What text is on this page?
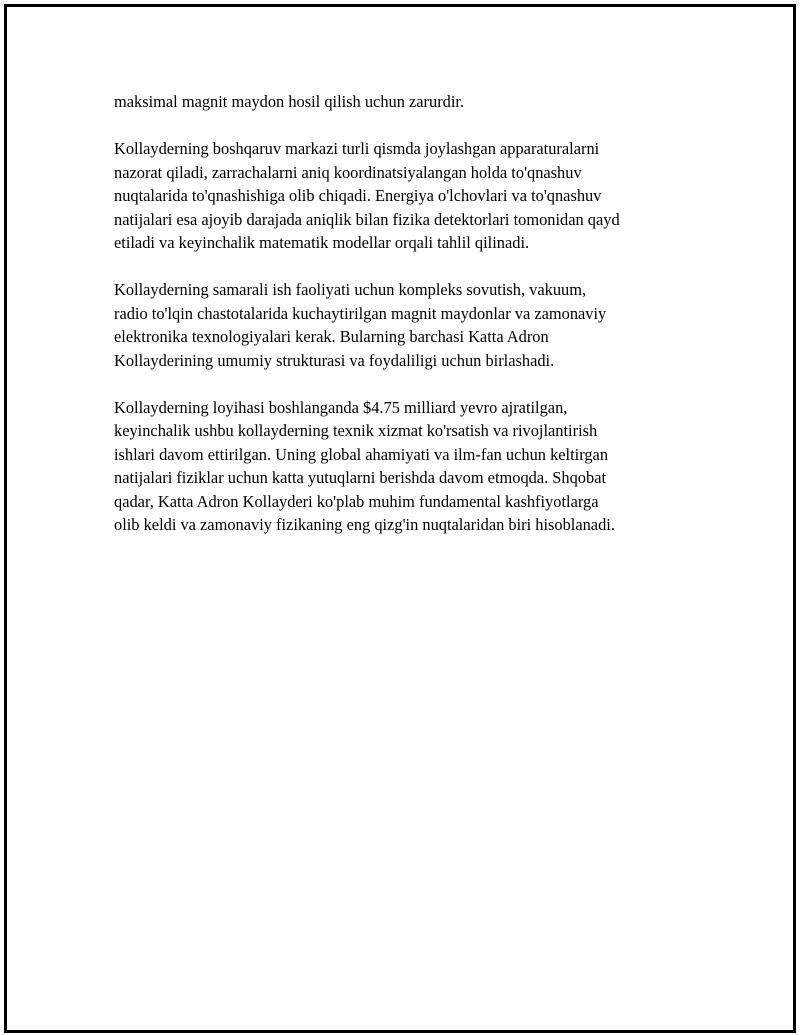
maksimal magnit maydon hosil qilish uchun zarurdir.

Kollayderning boshqaruv markazi turli qismda joylashgan apparaturalarni
nazorat qiladi, zarrachalarni aniq koordinatsiyalangan holda to'qnashuv
nuqtalarida to'qnashishiga olib chiqadi. Energiya o'lchovlari va to'qnashuv
natijalari esa ajoyib darajada aniqlik bilan fizika detektorlari tomonidan qayd
etiladi va keyinchalik matematik modellar orqali tahlil qilinadi.

Kollayderning samarali ish faoliyati uchun kompleks sovutish, vakuum,
radio to'lqin chastotalarida kuchaytirilgan magnit maydonlar va zamonaviy
elektronika texnologiyalari kerak. Bularning barchasi Katta Adron
Kollayderining umumiy strukturasi va foydaliligi uchun birlashadi.

Kollayderning loyihasi boshlanganda $4.75 milliard yevro ajratilgan,
keyinchalik ushbu kollayderning texnik xizmat ko'rsatish va rivojlantirish
ishlari davom ettirilgan. Uning global ahamiyati va ilm-fan uchun keltirgan
natijalari fiziklar uchun katta yutuqlarni berishda davom etmoqda. Shqobat
qadar, Katta Adron Kollayderi ko'plab muhim fundamental kashfiyotlarga
olib keldi va zamonaviy fizikaning eng qizg'in nuqtalaridan biri hisoblanadi.
